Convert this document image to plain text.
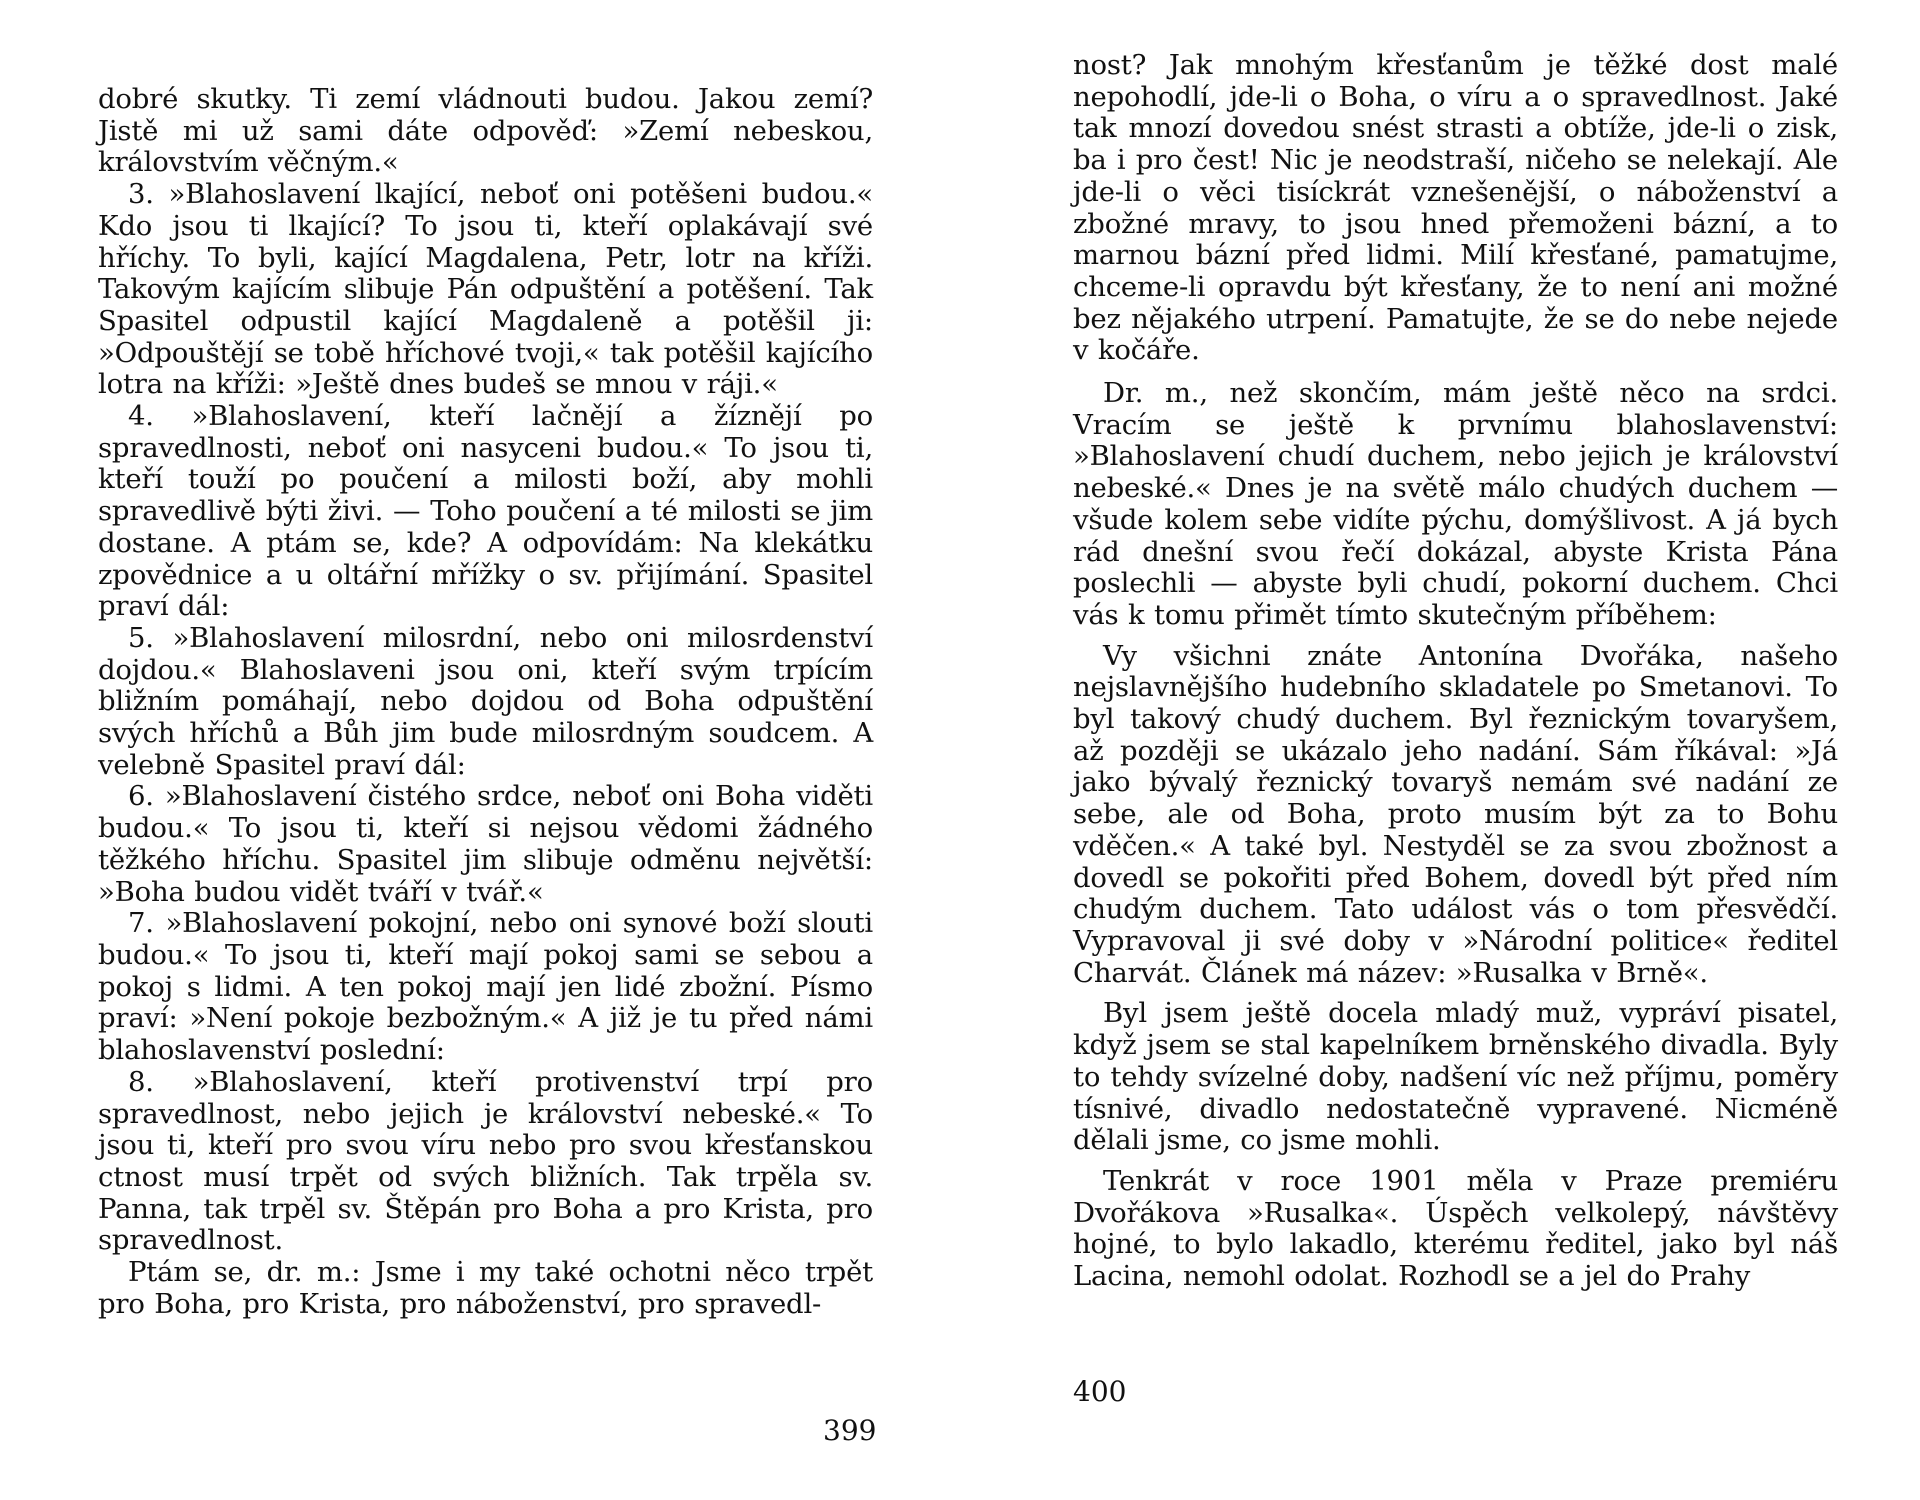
dobré skutky. Ti zemí vládnouti budou. Jakou zemí? Jistě mi už sami dáte odpověď: »Zemí nebeskou, královstvím věčným.«

3. »Blahoslavení lkající, neboť oni potěšeni budou.« Kdo jsou ti lkající? To jsou ti, kteří oplakávají své hříchy. To byli, kající Magdalena, Petr, lotr na kříži. Takovým kajícím slibuje Pán odpuštění a potěšení. Tak Spasitel odpustil kající Magdaleně a potěšil ji: »Odpouštějí se tobě hříchové tvoji,« tak potěšil kajícího lotra na kříži: »Ještě dnes budeš se mnou v ráji.«

4. »Blahoslavení, kteří lačnějí a žíznějí po spravedlnosti, neboť oni nasyceni budou.« To jsou ti, kteří touží po poučení a milosti boží, aby mohli spravedlivě býti živi. — Toho poučení a té milosti se jim dostane. A ptám se, kde? A odpovídám: Na klekátku zpovědnice a u oltářní mřížky o sv. přijímání. Spasitel praví dál:

5. »Blahoslavení milosrdní, nebo oni milosrdenství dojdou.« Blahoslaveni jsou oni, kteří svým trpícím bližním pomáhají, nebo dojdou od Boha odpuštění svých hříchů a Bůh jim bude milosrdným soudcem. A velebně Spasitel praví dál:

6. »Blahoslavení čistého srdce, neboť oni Boha viděti budou.« To jsou ti, kteří si nejsou vědomi žádného těžkého hříchu. Spasitel jim slibuje odměnu největší: »Boha budou vidět tváří v tvář.«

7. »Blahoslavení pokojní, nebo oni synové boží slouti budou.« To jsou ti, kteří mají pokoj sami se sebou a pokoj s lidmi. A ten pokoj mají jen lidé zbožní. Písmo praví: »Není pokoje bezbožným.« A již je tu před námi blahoslavenství poslední:

8. »Blahoslavení, kteří protivenství trpí pro spravedlnost, nebo jejich je království nebeské.« To jsou ti, kteří pro svou víru nebo pro svou křesťanskou ctnost musí trpět od svých bližních. Tak trpěla sv. Panna, tak trpěl sv. Štěpán pro Boha a pro Krista, pro spravedlnost.

Ptám se, dr. m.: Jsme i my také ochotni něco trpět pro Boha, pro Krista, pro náboženství, pro spravedl-

399

nost? Jak mnohým křesťanům je těžké dost malé nepohodlí, jde-li o Boha, o víru a o spravedlnost. Jaké tak mnozí dovedou snést strasti a obtíže, jde-li o zisk, ba i pro čest! Nic je neodstraší, ničeho se nelekají. Ale jde-li o věci tisíckrát vznešenější, o náboženství a zbožné mravy, to jsou hned přemoženi bázní, a to marnou bázní před lidmi. Milí křesťané, pamatujme, chceme-li opravdu být křesťany, že to není ani možné bez nějakého utrpení. Pamatujte, že se do nebe nejede v kočáře.

Dr. m., než skončím, mám ještě něco na srdci. Vracím se ještě k prvnímu blahoslavenství: »Blahoslavení chudí duchem, nebo jejich je království nebeské.« Dnes je na světě málo chudých duchem — všude kolem sebe vidíte pýchu, domýšlivost. A já bych rád dnešní svou řečí dokázal, abyste Krista Pána poslechli — abyste byli chudí, pokorní duchem. Chci vás k tomu přimět tímto skutečným příběhem:

Vy všichni znáte Antonína Dvořáka, našeho nejslavnějšího hudebního skladatele po Smetanovi. To byl takový chudý duchem. Byl řeznickým tovaryšem, až později se ukázalo jeho nadání. Sám říkával: »Já jako bývalý řeznický tovaryš nemám své nadání ze sebe, ale od Boha, proto musím být za to Bohu vděčen.« A také byl. Nestyděl se za svou zbožnost a dovedl se pokořiti před Bohem, dovedl být před ním chudým duchem. Tato událost vás o tom přesvědčí. Vypravoval ji své doby v »Národní politice« ředitel Charvát. Článek má název: »Rusalka v Brně«.

Byl jsem ještě docela mladý muž, vypráví pisatel, když jsem se stal kapelníkem brněnského divadla. Byly to tehdy svízelné doby, nadšení víc než příjmu, poměry tísnivé, divadlo nedostatečně vypravené. Nicméně dělali jsme, co jsme mohli.

Tenkrát v roce 1901 měla v Praze premiéru Dvořákova »Rusalka«. Úspěch velkolepý, návštěvy hojné, to bylo lakadlo, kterému ředitel, jako byl náš Lacina, nemohl odolat. Rozhodl se a jel do Prahy

400
